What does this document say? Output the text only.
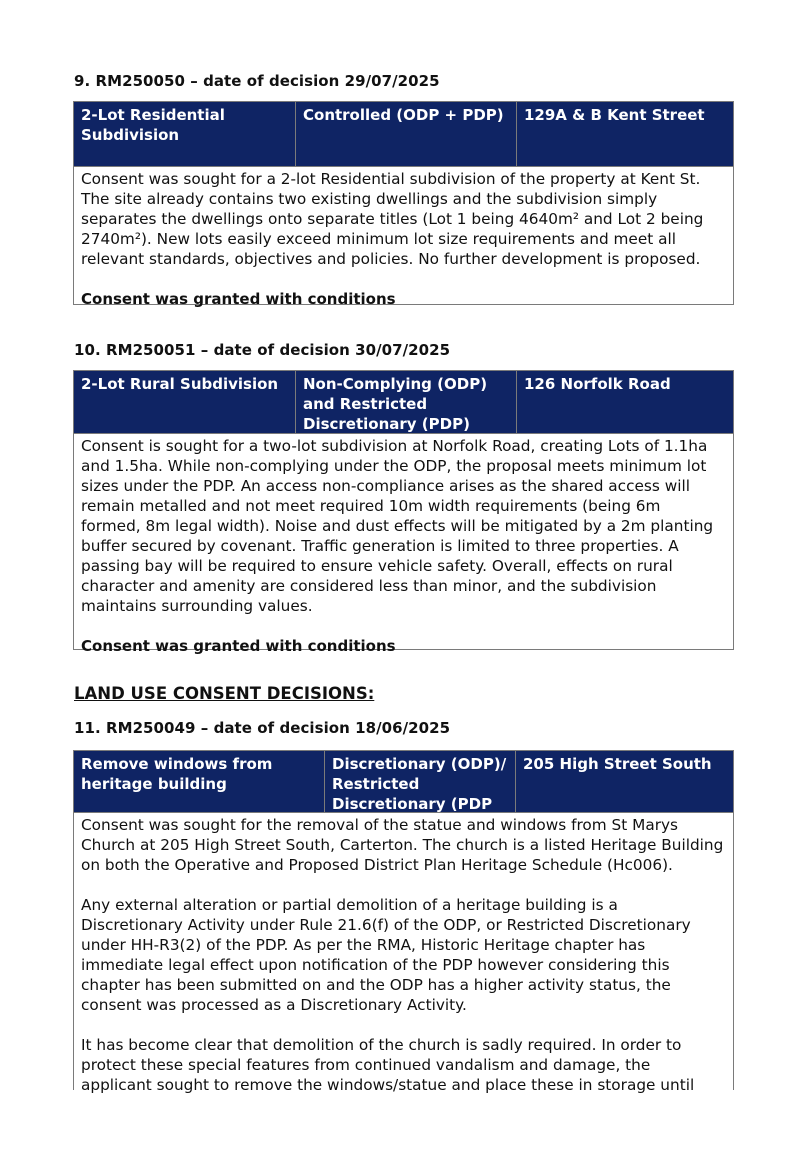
9. RM250050 – date of decision 29/07/2025
2-Lot Residential Subdivision
Controlled (ODP + PDP)	129A & B Kent Street

Consent was sought for a 2-lot Residential subdivision of the property at Kent St.
The site already contains two existing dwellings and the subdivision simply
separates the dwellings onto separate titles (Lot 1 being 4640m² and Lot 2 being
2740m²). New lots easily exceed minimum lot size requirements and meet all
relevant standards, objectives and policies. No further development is proposed.

Consent was granted with conditions

10. RM250051 – date of decision 30/07/2025
2-Lot Rural Subdivision	Non-Complying (ODP) and Restricted Discretionary (PDP)
126 Norfolk Road

Consent is sought for a two-lot subdivision at Norfolk Road, creating Lots of 1.1ha
and 1.5ha. While non-complying under the ODP, the proposal meets minimum lot
sizes under the PDP. An access non-compliance arises as the shared access will
remain metalled and not meet required 10m width requirements (being 6m
formed, 8m legal width). Noise and dust effects will be mitigated by a 2m planting
buffer secured by covenant. Traffic generation is limited to three properties. A
passing bay will be required to ensure vehicle safety. Overall, effects on rural
character and amenity are considered less than minor, and the subdivision
maintains surrounding values.

Consent was granted with conditions

LAND USE CONSENT DECISIONS:
11. RM250049 – date of decision 18/06/2025
Remove windows from heritage building
Discretionary (ODP)/ Restricted Discretionary (PDP
205 High Street South

Consent was sought for the removal of the statue and windows from St Marys
Church at 205 High Street South, Carterton. The church is a listed Heritage Building
on both the Operative and Proposed District Plan Heritage Schedule (Hc006).

Any external alteration or partial demolition of a heritage building is a
Discretionary Activity under Rule 21.6(f) of the ODP, or Restricted Discretionary
under HH-R3(2) of the PDP. As per the RMA, Historic Heritage chapter has
immediate legal effect upon notification of the PDP however considering this
chapter has been submitted on and the ODP has a higher activity status, the
consent was processed as a Discretionary Activity.

It has become clear that demolition of the church is sadly required. In order to
protect these special features from continued vandalism and damage, the
applicant sought to remove the windows/statue and place these in storage until
